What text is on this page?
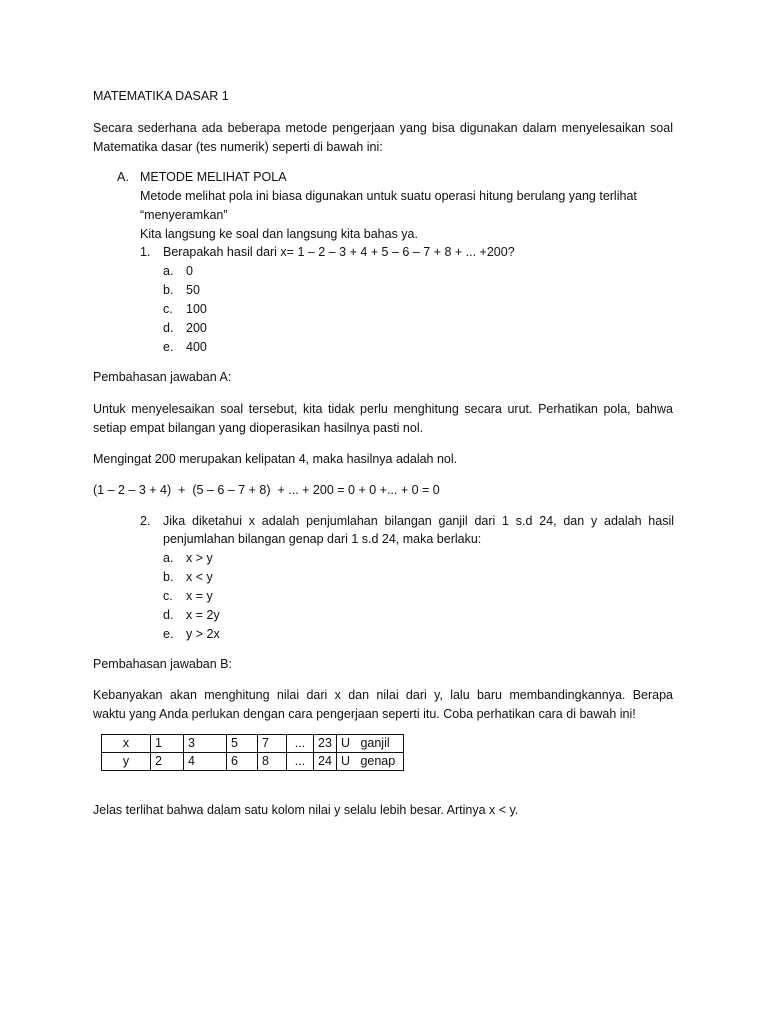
MATEMATIKA DASAR 1
Secara sederhana ada beberapa metode pengerjaan yang bisa digunakan dalam menyelesaikan soal
Matematika dasar (tes numerik) seperti di bawah ini:
A. METODE MELIHAT POLA
Metode melihat pola ini biasa digunakan untuk suatu operasi hitung berulang yang terlihat
“menyeramkan”
Kita langsung ke soal dan langsung kita bahas ya.
1. Berapakah hasil dari x= 1 – 2 – 3 + 4 + 5 – 6 – 7 + 8 + ... +200?
a. 0
b. 50
c. 100
d. 200
e. 400
Pembahasan jawaban A:
Untuk menyelesaikan soal tersebut, kita tidak perlu menghitung secara urut. Perhatikan pola, bahwa
setiap empat bilangan yang dioperasikan hasilnya pasti nol.
Mengingat 200 merupakan kelipatan 4, maka hasilnya adalah nol.
(1 – 2 – 3 + 4)  +  (5 – 6 – 7 + 8)  + ... + 200 = 0 + 0 +... + 0 = 0
2. Jika diketahui x adalah penjumlahan bilangan ganjil dari 1 s.d 24, dan y adalah hasil
penjumlahan bilangan genap dari 1 s.d 24, maka berlaku:
a. x > y
b. x < y
c. x = y
d. x = 2y
e. y > 2x
Pembahasan jawaban B:
Kebanyakan akan menghitung nilai dari x dan nilai dari y, lalu baru membandingkannya. Berapa
waktu yang Anda perlukan dengan cara pengerjaan seperti itu. Coba perhatikan cara di bawah ini!
x	1	3	5	7	...	23	U   ganjil
y	2	4	6	8	...	24	U   genap
Jelas terlihat bahwa dalam satu kolom nilai y selalu lebih besar. Artinya x < y.
